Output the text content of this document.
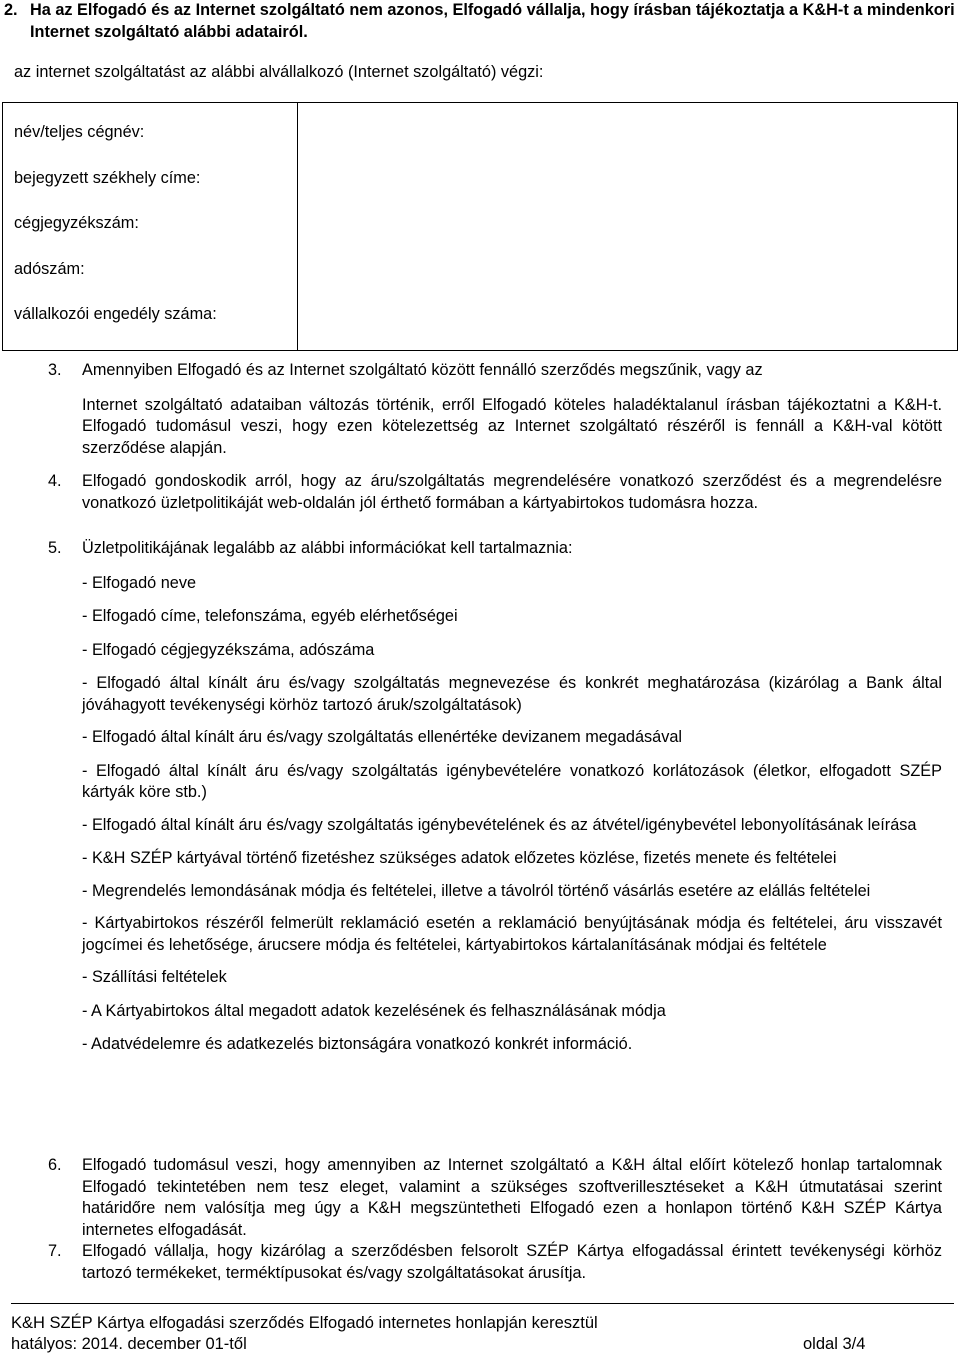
2. Ha az Elfogadó és az Internet szolgáltató nem azonos, Elfogadó vállalja, hogy írásban tájékoztatja a K&H-t a mindenkori Internet szolgáltató alábbi adatairól.
az internet szolgáltatást az alábbi alvállalkozó (Internet szolgáltató) végzi:
név/teljes cégnév:
bejegyzett székhely címe:
cégjegyzékszám:
adószám:
vállalkozói engedély száma:

3. Amennyiben Elfogadó és az Internet szolgáltató között fennálló szerződés megszűnik, vagy az

Internet szolgáltató adataiban változás történik, erről Elfogadó köteles haladéktalanul írásban tájékoztatni a K&H-t. Elfogadó tudomásul veszi, hogy ezen kötelezettség az Internet szolgáltató részéről is fennáll a K&H-val kötött szerződése alapján.

4. Elfogadó gondoskodik arról, hogy az áru/szolgáltatás megrendelésére vonatkozó szerződést és a megrendelésre vonatkozó üzletpolitikáját web-oldalán jól érthető formában a kártyabirtokos tudomásra hozza.

5. Üzletpolitikájának legalább az alábbi információkat kell tartalmaznia:

- Elfogadó neve
- Elfogadó címe, telefonszáma, egyéb elérhetőségei
- Elfogadó cégjegyzékszáma, adószáma
- Elfogadó által kínált áru és/vagy szolgáltatás megnevezése és konkrét meghatározása (kizárólag a Bank által jóváhagyott tevékenységi körhöz tartozó áruk/szolgáltatások)
- Elfogadó által kínált áru és/vagy szolgáltatás ellenértéke devizanem megadásával
- Elfogadó által kínált áru és/vagy szolgáltatás igénybevételére vonatkozó korlátozások (életkor, elfogadott SZÉP kártyák köre stb.)
- Elfogadó által kínált áru és/vagy szolgáltatás igénybevételének és az átvétel/igénybevétel lebonyolításának leírása
- K&H SZÉP kártyával történő fizetéshez szükséges adatok előzetes közlése, fizetés menete és feltételei
- Megrendelés lemondásának módja és feltételei, illetve a távolról történő vásárlás esetére az elállás feltételei
- Kártyabirtokos részéről felmerült reklamáció esetén a reklamáció benyújtásának módja és feltételei, áru visszavét jogcímei és lehetősége, árucsere módja és feltételei, kártyabirtokos kártalanításának módjai és feltétele
- Szállítási feltételek
- A Kártyabirtokos által megadott adatok kezelésének és felhasználásának módja
- Adatvédelemre és adatkezelés biztonságára vonatkozó konkrét információ.
6. Elfogadó tudomásul veszi, hogy amennyiben az Internet szolgáltató a K&H által előírt kötelező honlap tartalomnak Elfogadó tekintetében nem tesz eleget, valamint a szükséges szoftverillesztéseket a K&H útmutatásai szerint határidőre nem valósítja meg úgy a K&H megszüntetheti Elfogadó ezen a honlapon történő K&H SZÉP Kártya internetes elfogadását.

7. Elfogadó vállalja, hogy kizárólag a szerződésben felsorolt SZÉP Kártya elfogadással érintett tevékenységi körhöz tartozó termékeket, terméktípusokat és/vagy szolgáltatásokat árusítja.

K&H SZÉP Kártya elfogadási szerződés Elfogadó internetes honlapján keresztül
hatályos: 2014. december 01-től	oldal 3/4
